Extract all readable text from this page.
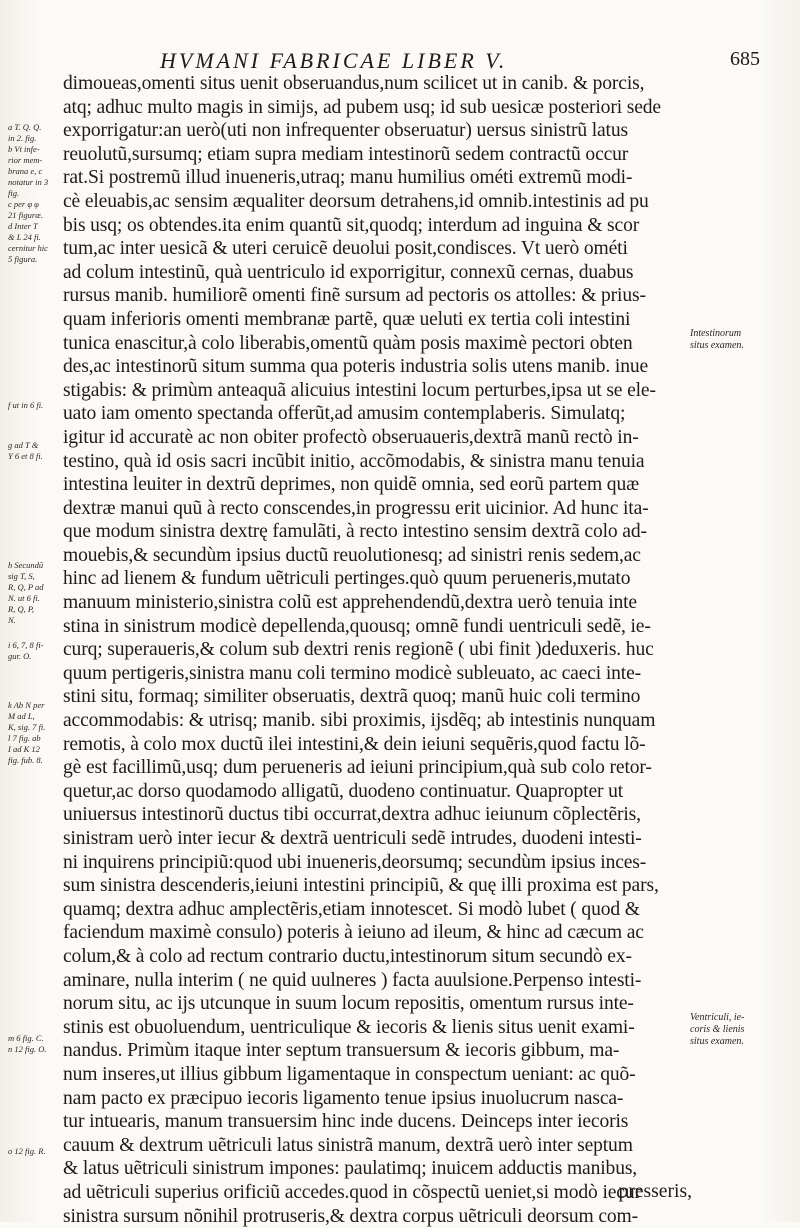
HVMANI FABRICAE LIBER V.	685
dimoueas,omenti situs uenit obseruandus,num scilicet ut in canib. & porcis,
atq; adhuc multo magis in simijs, ad pubem usq; id sub uesicæ posteriori sede
exporrigatur:an uerò(uti non infrequenter obseruatur) uersus sinistrũ latus
reuolutũ,sursumq; etiam supra mediam intestinorũ sedem contractũ occur
rat.Si postremũ illud inueneris,utraq; manu humilius ométi extremũ modi-
cè eleuabis,ac sensim æqualiter deorsum detrahens,id omnib.intestinis ad pu
bis usq; os obtendes.ita enim quantũ sit,quodq; interdum ad inguina & scor
tum,ac inter uesicã & uteri ceruicẽ deuolui posit,condisces. Vt uerò ométi
ad colum intestinũ, quà uentriculo id exporrigitur, connexũ cernas, duabus
rursus manib. humiliorẽ omenti finẽ sursum ad pectoris os attolles: & prius-
quam inferioris omenti membranæ partẽ, quæ ueluti ex tertia coli intestini
tunica enascitur,à colo liberabis,omentũ quàm posis maximè pectori obten
des,ac intestinorũ situm summa qua poteris industria solis utens manib. inue
stigabis: & primùm anteaquã alicuius intestini locum perturbes,ipsa ut se ele-
uato iam omento spectanda offerũt,ad amusim contemplaberis. Simulatq;
igitur id accuratè ac non obiter profectò obseruaueris,dextrã manũ rectò in-
testino, quà id osis sacri incũbit initio, accõmodabis, & sinistra manu tenuia
intestina leuiter in dextrũ deprimes, non quidẽ omnia, sed eorũ partem quæ
dextræ manui quũ à recto conscendes,in progressu erit uicinior. Ad hunc ita-
que modum sinistra dextrę famulãti, à recto intestino sensim dextrã colo ad-
mouebis,& secundùm ipsius ductũ reuolutionesq; ad sinistri renis sedem,ac
hinc ad lienem & fundum uẽtriculi pertinges.quò quum perueneris,mutato
manuum ministerio,sinistra colũ est apprehendendũ,dextra uerò tenuia inte
stina in sinistrum modicè depellenda,quousq; omnẽ fundi uentriculi sedẽ, ie-
curq; superaueris,& colum sub dextri renis regionẽ ( ubi finit )deduxeris. huc
quum pertigeris,sinistra manu coli termino modicè subleuato, ac caeci inte-
stini situ, formaq; similiter obseruatis, dextrã quoq; manũ huic coli termino
accommodabis: & utrisq; manib. sibi proximis, ijsdẽq; ab intestinis nunquam
remotis, à colo mox ductũ ilei intestini,& dein ieiuni sequẽris,quod factu lõ-
gè est facillimũ,usq; dum perueneris ad ieiuni principium,quà sub colo retor-
quetur,ac dorso quodamodo alligatũ, duodeno continuatur. Quapropter ut
uniuersus intestinorũ ductus tibi occurrat,dextra adhuc ieiunum cõplectẽris,
sinistram uerò inter iecur & dextrã uentriculi sedẽ intrudes, duodeni intesti-
ni inquirens principiũ:quod ubi inueneris,deorsumq; secundùm ipsius inces-
sum sinistra descenderis,ieiuni intestini principiũ, & quę illi proxima est pars,
quamq; dextra adhuc amplectẽris,etiam innotescet. Si modò lubet ( quod &
faciendum maximè consulo) poteris à ieiuno ad ileum, & hinc ad cæcum ac
colum,& à colo ad rectum contrario ductu,intestinorum situm secundò ex-
aminare, nulla interim ( ne quid uulneres ) facta auulsione.Perpenso intesti-
norum situ, ac ijs utcunque in suum locum repositis, omentum rursus inte-
stinis est obuoluendum, uentriculique & iecoris & lienis situs uenit exami-
nandus. Primùm itaque inter septum transuersum & iecoris gibbum, ma-
num inseres,ut illius gibbum ligamentaque in conspectum ueniant: ac quõ-
nam pacto ex præcipuo iecoris ligamento tenue ipsius inuolucrum nasca-
tur intuearis, manum transuersim hinc inde ducens. Deinceps inter iecoris
cauum & dextrum uẽtriculi latus sinistrã manum, dextrã uerò inter septum
& latus uẽtriculi sinistrum impones: paulatimq; inuicem adductis manibus,
ad uẽtriculi superius orificiũ accedes.quod in cõspectũ ueniet,si modò iecur
sinistra sursum nõnihil protruseris,& dextra corpus uẽtriculi deorsum com-
presseris,
a T. Q. Q.
in 2. fig.
b Vt infe-
rior mem-
brana e, c
notatur in 3
fig.
c per φ φ
21 figuræ.
d Inter T
& L 24 fi.
cernitur hic
5 figura.
f ut in 6 fi.
g ad T &
Y 6 et 8 fi.
h Secundũ
sig T, S,
R, Q, P ad
N. ut 6 fi.
R, Q, P,
N.
i 6, 7, 8 fi-
gur. O.
k Ab N per
M ad L,
K, sig. 7 fi.
l 7 fig. ab
I ad K 12
fig. fub. 8.
m 6 fig. C.
n 12 fig. O.
o 12 fig. R.
Intestinorum
situs examen.
Ventriculi, ie-
coris & lienis
situs examen.
